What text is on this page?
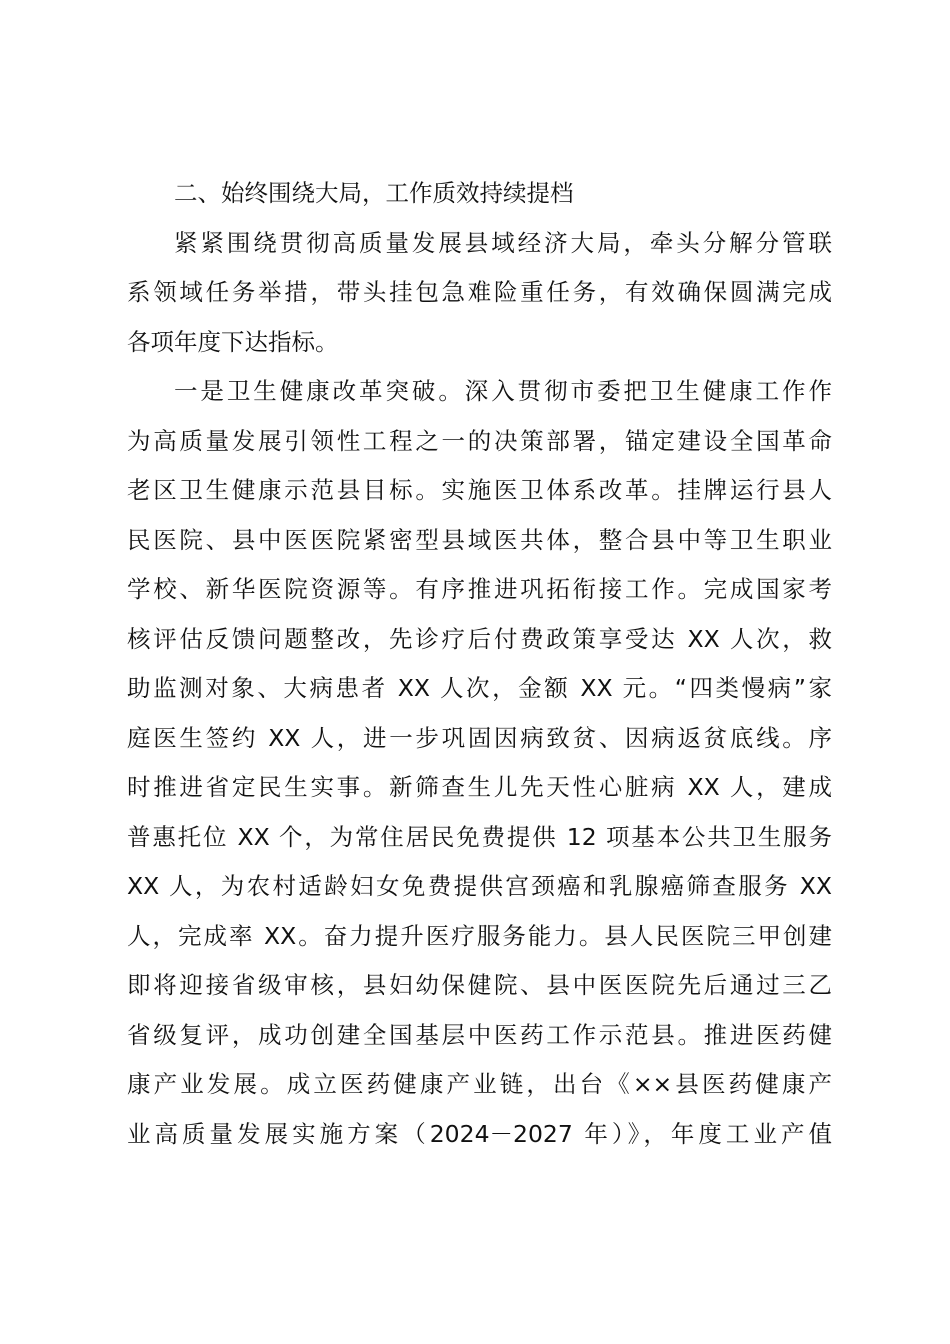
二、始终围绕大局，工作质效持续提档
紧紧围绕贯彻高质量发展县域经济大局，牵头分解分管联
系领域任务举措，带头挂包急难险重任务，有效确保圆满完成
各项年度下达指标。
一是卫生健康改革突破。深入贯彻市委把卫生健康工作作
为高质量发展引领性工程之一的决策部署，锚定建设全国革命
老区卫生健康示范县目标。实施医卫体系改革。挂牌运行县人
民医院、县中医医院紧密型县域医共体，整合县中等卫生职业
学校、新华医院资源等。有序推进巩拓衔接工作。完成国家考
核评估反馈问题整改，先诊疗后付费政策享受达 XX 人次，救
助监测对象、大病患者 XX 人次，金额 XX 元。“四类慢病”家
庭医生签约 XX 人，进一步巩固因病致贫、因病返贫底线。序
时推进省定民生实事。新筛查生儿先天性心脏病 XX 人，建成
普惠托位 XX 个，为常住居民免费提供 12 项基本公共卫生服务
XX 人，为农村适龄妇女免费提供宫颈癌和乳腺癌筛查服务 XX
人，完成率 XX。奋力提升医疗服务能力。县人民医院三甲创建
即将迎接省级审核，县妇幼保健院、县中医医院先后通过三乙
省级复评，成功创建全国基层中医药工作示范县。推进医药健
康产业发展。成立医药健康产业链，出台《××县医药健康产
业高质量发展实施方案（2024－2027 年）》，年度工业产值
